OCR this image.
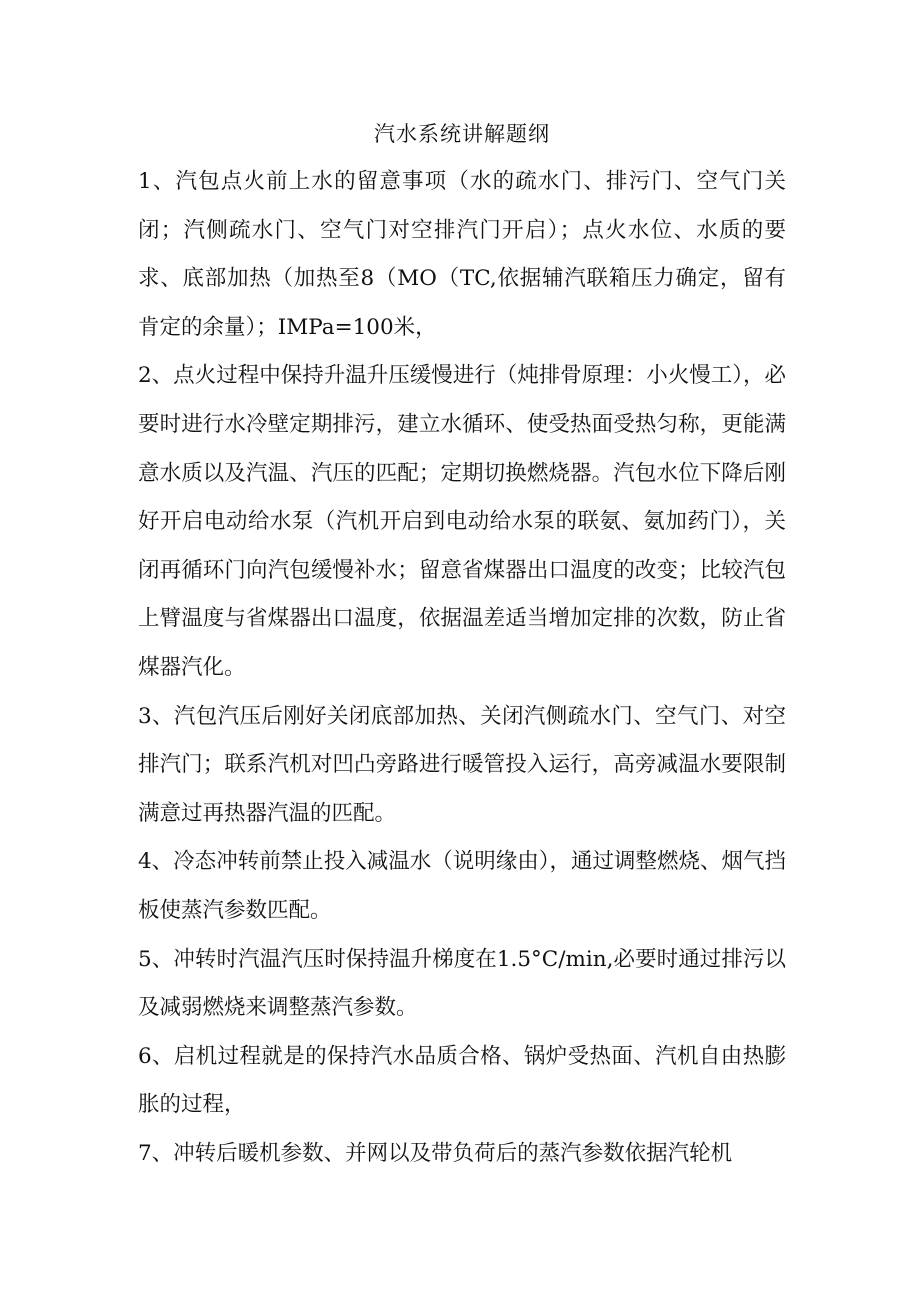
汽水系统讲解题纲

1、汽包点火前上水的留意事项（水的疏水门、排污门、空气门关闭；汽侧疏水门、空气门对空排汽门开启）；点火水位、水质的要求、底部加热（加热至8（MO（TC,依据辅汽联箱压力确定，留有肯定的余量）；IMPa=100米，

2、点火过程中保持升温升压缓慢进行（炖排骨原理：小火慢工），必要时进行水冷壁定期排污，建立水循环、使受热面受热匀称，更能满意水质以及汽温、汽压的匹配；定期切换燃烧器。汽包水位下降后刚好开启电动给水泵（汽机开启到电动给水泵的联氨、氨加药门），关闭再循环门向汽包缓慢补水；留意省煤器出口温度的改变；比较汽包上臂温度与省煤器出口温度，依据温差适当增加定排的次数，防止省煤器汽化。

3、汽包汽压后刚好关闭底部加热、关闭汽侧疏水门、空气门、对空排汽门；联系汽机对凹凸旁路进行暖管投入运行，高旁减温水要限制满意过再热器汽温的匹配。

4、冷态冲转前禁止投入减温水（说明缘由），通过调整燃烧、烟气挡板使蒸汽参数匹配。

5、冲转时汽温汽压时保持温升梯度在1.5°C/min,必要时通过排污以及减弱燃烧来调整蒸汽参数。

6、启机过程就是的保持汽水品质合格、锅炉受热面、汽机自由热膨胀的过程，

7、冲转后暖机参数、并网以及带负荷后的蒸汽参数依据汽轮机
